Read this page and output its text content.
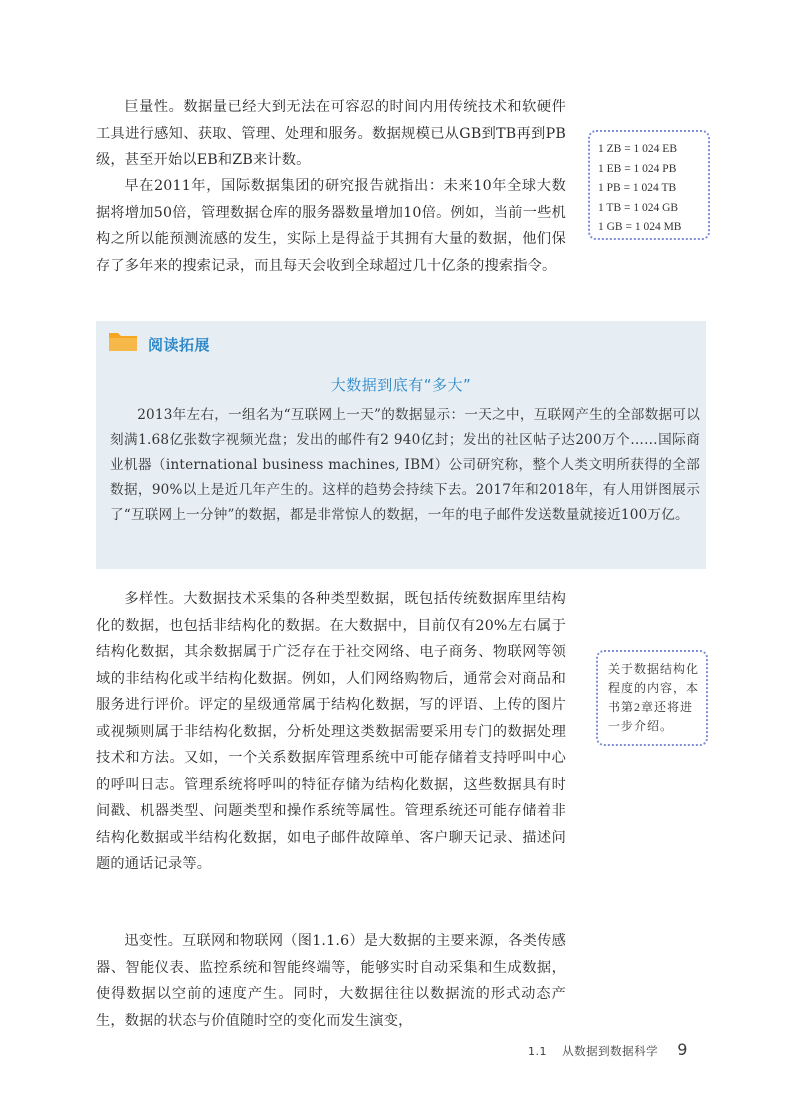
巨量性。数据量已经大到无法在可容忍的时间内用传统技术和软硬件工具进行感知、获取、管理、处理和服务。数据规模已从GB到TB再到PB级，甚至开始以EB和ZB来计数。

早在2011年，国际数据集团的研究报告就指出：未来10年全球大数据将增加50倍，管理数据仓库的服务器数量增加10倍。例如，当前一些机构之所以能预测流感的发生，实际上是得益于其拥有大量的数据，他们保存了多年来的搜索记录，而且每天会收到全球超过几十亿条的搜索指令。

1 ZB = 1 024 EB
1 EB = 1 024 PB
1 PB = 1 024 TB
1 TB = 1 024 GB
1 GB = 1 024 MB
阅读拓展

大数据到底有“多大”

2013年左右，一组名为“互联网上一天”的数据显示：一天之中，互联网产生的全部数据可以刻满1.68亿张数字视频光盘；发出的邮件有2 940亿封；发出的社区帖子达200万个……国际商业机器（international business machines, IBM）公司研究称，整个人类文明所获得的全部数据，90%以上是近几年产生的。这样的趋势会持续下去。2017年和2018年，有人用饼图展示了“互联网上一分钟”的数据，都是非常惊人的数据，一年的电子邮件发送数量就接近100万亿。

多样性。大数据技术采集的各种类型数据，既包括传统数据库里结构化的数据，也包括非结构化的数据。在大数据中，目前仅有20%左右属于结构化数据，其余数据属于广泛存在于社交网络、电子商务、物联网等领域的非结构化或半结构化数据。例如，人们网络购物后，通常会对商品和服务进行评价。评定的星级通常属于结构化数据，写的评语、上传的图片或视频则属于非结构化数据，分析处理这类数据需要采用专门的数据处理技术和方法。又如，一个关系数据库管理系统中可能存储着支持呼叫中心的呼叫日志。管理系统将呼叫的特征存储为结构化数据，这些数据具有时间戳、机器类型、问题类型和操作系统等属性。管理系统还可能存储着非结构化数据或半结构化数据，如电子邮件故障单、客户聊天记录、描述问题的通话记录等。

关于数据结构化程度的内容，本书第2章还将进一步介绍。

迅变性。互联网和物联网（图1.1.6）是大数据的主要来源，各类传感器、智能仪表、监控系统和智能终端等，能够实时自动采集和生成数据，使得数据以空前的速度产生。同时，大数据往往以数据流的形式动态产生，数据的状态与价值随时空的变化而发生演变，

1.1 从数据到数据科学 9
